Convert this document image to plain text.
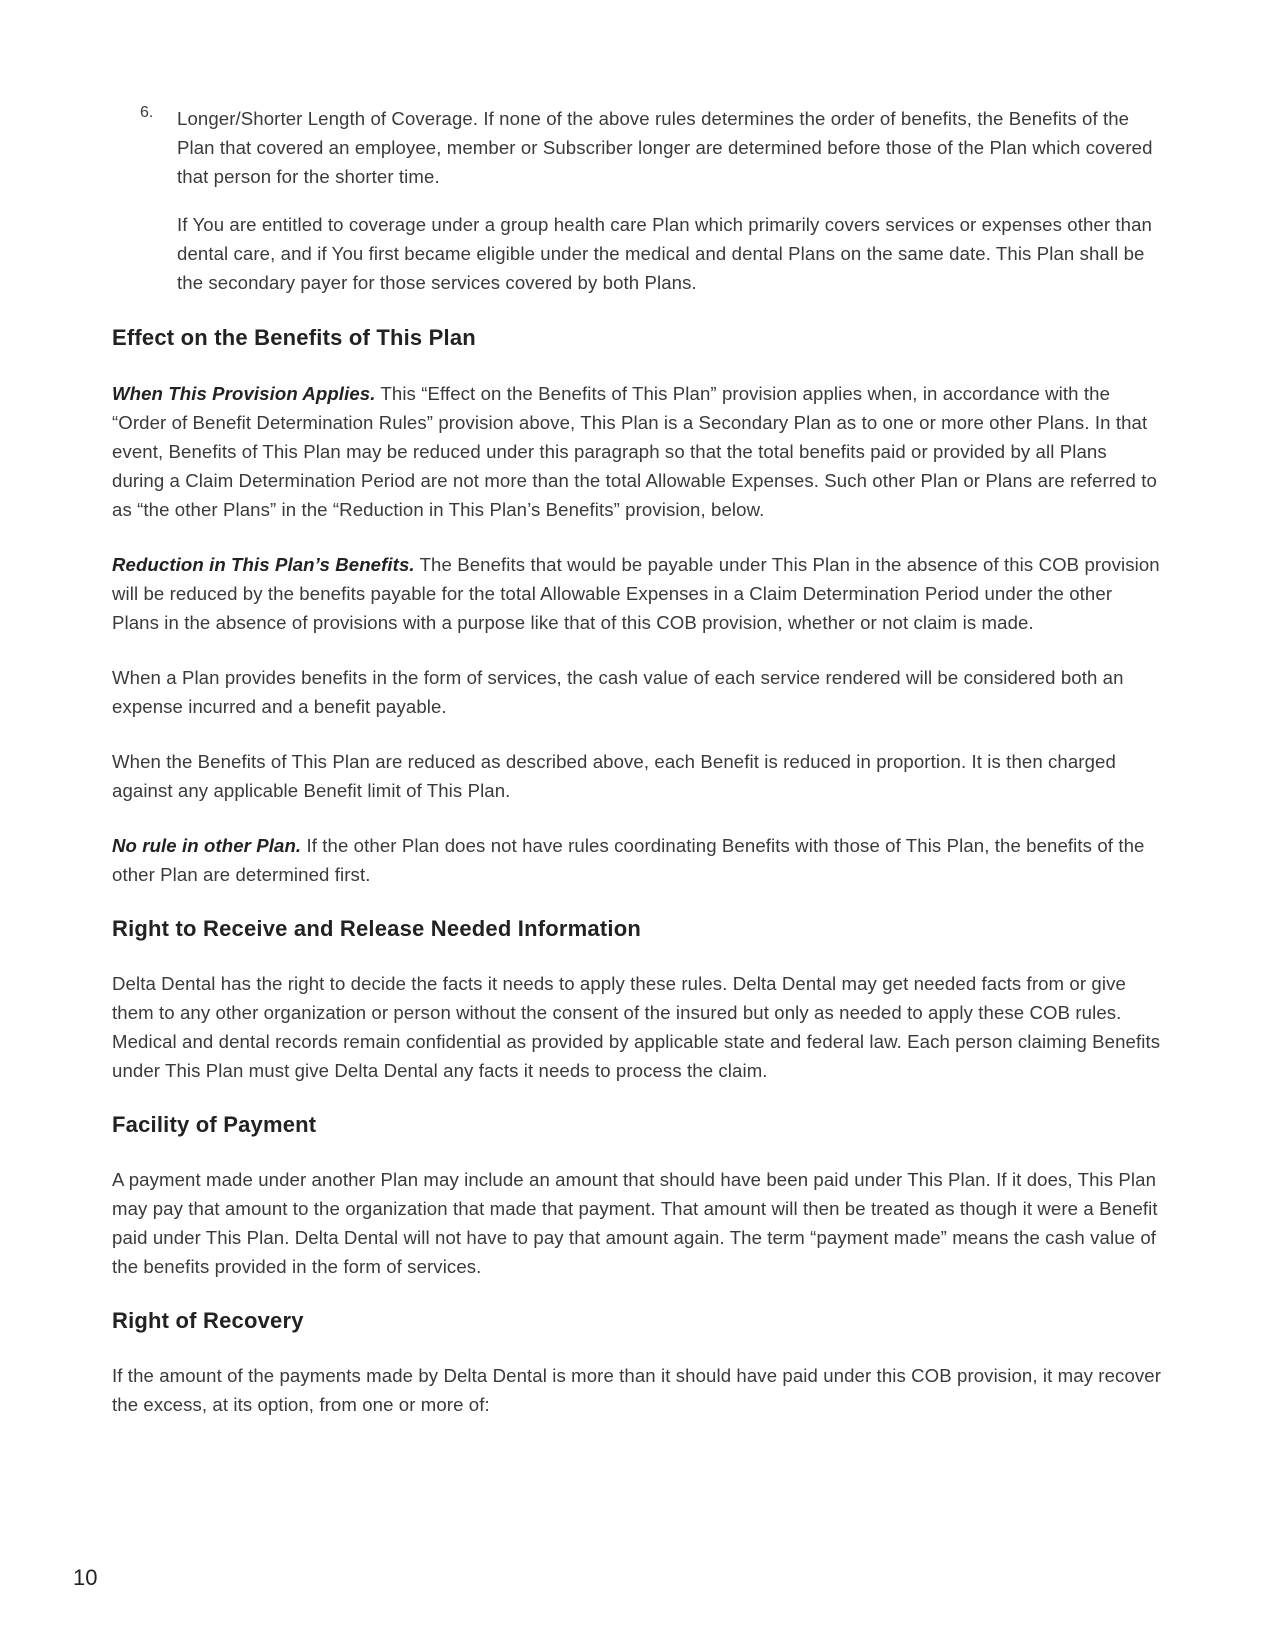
6. Longer/Shorter Length of Coverage. If none of the above rules determines the order of benefits, the Benefits of the Plan that covered an employee, member or Subscriber longer are determined before those of the Plan which covered that person for the shorter time.

If You are entitled to coverage under a group health care Plan which primarily covers services or expenses other than dental care, and if You first became eligible under the medical and dental Plans on the same date. This Plan shall be the secondary payer for those services covered by both Plans.

Effect on the Benefits of This Plan

When This Provision Applies. This “Effect on the Benefits of This Plan” provision applies when, in accordance with the “Order of Benefit Determination Rules” provision above, This Plan is a Secondary Plan as to one or more other Plans. In that event, Benefits of This Plan may be reduced under this paragraph so that the total benefits paid or provided by all Plans during a Claim Determination Period are not more than the total Allowable Expenses. Such other Plan or Plans are referred to as “the other Plans” in the “Reduction in This Plan’s Benefits” provision, below.

Reduction in This Plan’s Benefits. The Benefits that would be payable under This Plan in the absence of this COB provision will be reduced by the benefits payable for the total Allowable Expenses in a Claim Determination Period under the other Plans in the absence of provisions with a purpose like that of this COB provision, whether or not claim is made.

When a Plan provides benefits in the form of services, the cash value of each service rendered will be considered both an expense incurred and a benefit payable.

When the Benefits of This Plan are reduced as described above, each Benefit is reduced in proportion. It is then charged against any applicable Benefit limit of This Plan.

No rule in other Plan. If the other Plan does not have rules coordinating Benefits with those of This Plan, the benefits of the other Plan are determined first.

Right to Receive and Release Needed Information

Delta Dental has the right to decide the facts it needs to apply these rules. Delta Dental may get needed facts from or give them to any other organization or person without the consent of the insured but only as needed to apply these COB rules. Medical and dental records remain confidential as provided by applicable state and federal law. Each person claiming Benefits under This Plan must give Delta Dental any facts it needs to process the claim.

Facility of Payment

A payment made under another Plan may include an amount that should have been paid under This Plan. If it does, This Plan may pay that amount to the organization that made that payment. That amount will then be treated as though it were a Benefit paid under This Plan. Delta Dental will not have to pay that amount again. The term “payment made” means the cash value of the benefits provided in the form of services.

Right of Recovery

If the amount of the payments made by Delta Dental is more than it should have paid under this COB provision, it may recover the excess, at its option, from one or more of:

10
